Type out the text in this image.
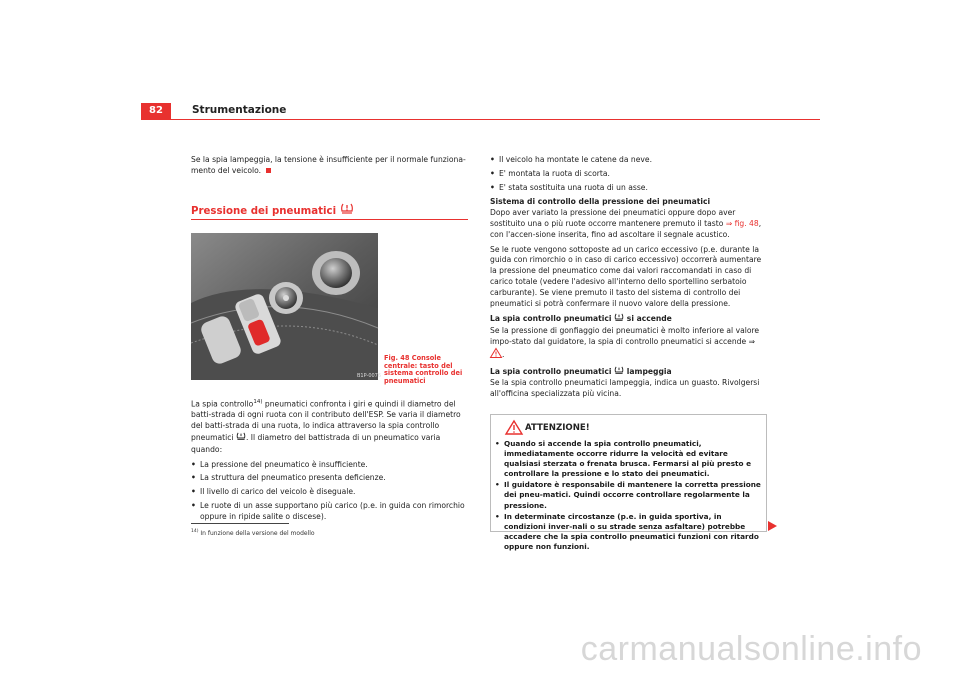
82	Strumentazione
Se la spia lampeggia, la tensione è insufficiente per il normale funziona-mento del veicolo.
Pressione dei pneumatici
B1P-0076
Fig. 48 Console centrale: tasto del sistema controllo dei pneumatici

La spia controllo$^{14)}$ pneumatici confronta i giri e quindi il diametro del batti-strada di ogni ruota con il contributo dell'ESP. Se varia il diametro del batti-strada di una ruota, lo indica attraverso la spia controllo pneumatici . Il diametro del battistrada di un pneumatico varia quando:

• La pressione del pneumatico è insufficiente.
• La struttura del pneumatico presenta deficienze.
• Il livello di carico del veicolo è diseguale.
• Le ruote di un asse supportano più carico (p.e. in guida con rimorchio oppure in ripide salite o discese).
$^{14)}$ In funzione della versione del modello
• Il veicolo ha montate le catene da neve.
• E' montata la ruota di scorta.
• E' stata sostituita una ruota di un asse.
Sistema di controllo della pressione dei pneumatici

Dopo aver variato la pressione dei pneumatici oppure dopo aver sostituito una o più ruote occorre mantenere premuto il tasto ⇒ fig. 48, con l'accen-sione inserita, fino ad ascoltare il segnale acustico.

Se le ruote vengono sottoposte ad un carico eccessivo (p.e. durante la guida con rimorchio o in caso di carico eccessivo) occorrerà aumentare la pressione del pneumatico come dai valori raccomandati in caso di carico totale (vedere l'adesivo all'interno dello sportellino serbatoio carburante). Se viene premuto il tasto del sistema di controllo dei pneumatici si potrà confermare il nuovo valore della pressione.

La spia controllo pneumatici  si accende

Se la pressione di gonfiaggio dei pneumatici è molto inferiore al valore impo-stato dal guidatore, la spia di controllo pneumatici si accende ⇒ .

La spia controllo pneumatici  lampeggia

Se la spia controllo pneumatici lampeggia, indica un guasto. Rivolgersi all'officina specializzata più vicina.

ATTENZIONE!

• Quando si accende la spia controllo pneumatici, immediatamente occorre ridurre la velocità ed evitare qualsiasi sterzata o frenata brusca. Fermarsi al più presto e controllare la pressione e lo stato dei pneumatici.

• Il guidatore è responsabile di mantenere la corretta pressione dei pneu-matici. Quindi occorre controllare regolarmente la pressione.

• In determinate circostanze (p.e. in guida sportiva, in condizioni inver-nali o su strade senza asfaltare) potrebbe accadere che la spia controllo pneumatici funzioni con ritardo oppure non funzioni.

carmanualsonline.info
